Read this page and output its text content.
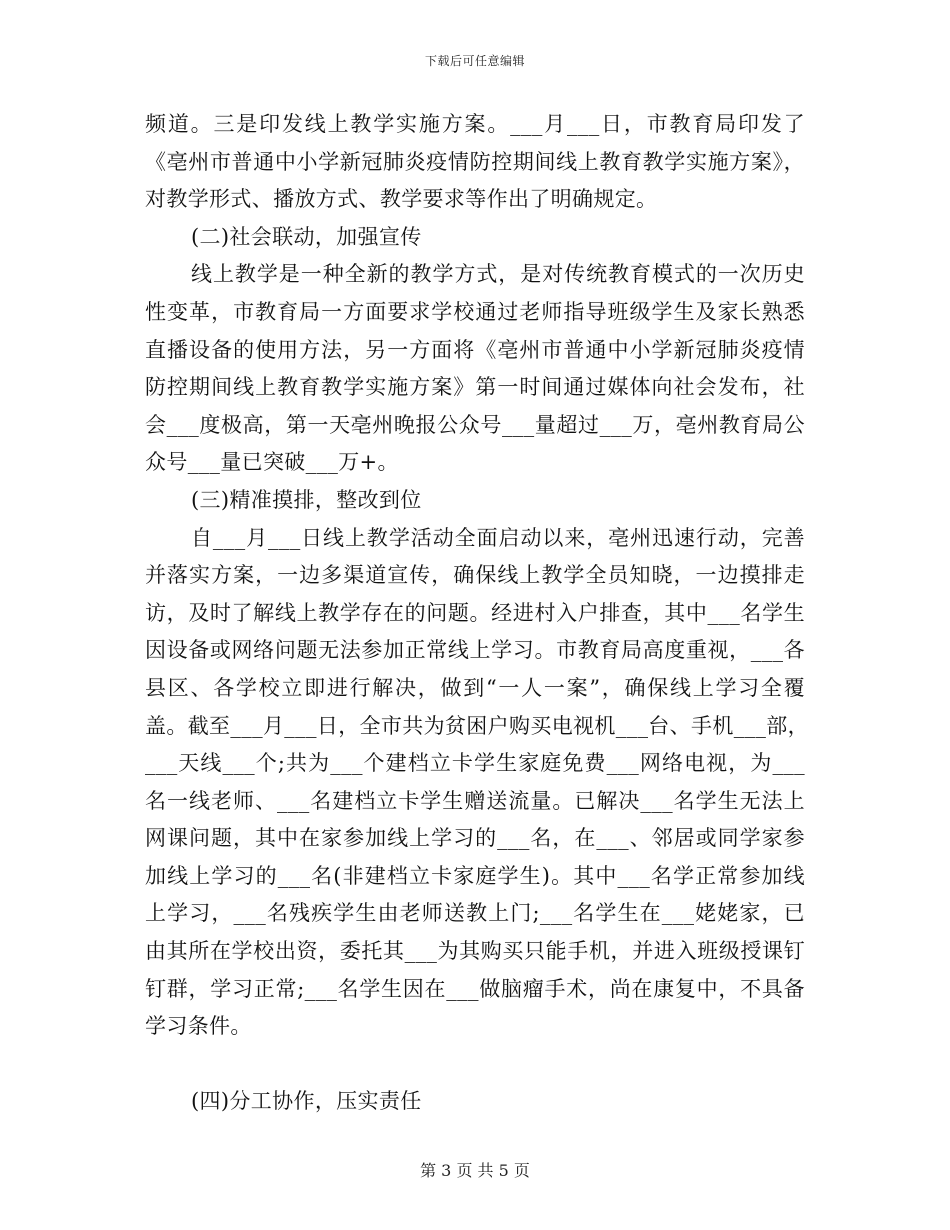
下载后可任意编辑
频道。三是印发线上教学实施方案。___月___日，市教育局印发了
《亳州市普通中小学新冠肺炎疫情防控期间线上教育教学实施方案》，
对教学形式、播放方式、教学要求等作出了明确规定。
(二)社会联动，加强宣传
线上教学是一种全新的教学方式，是对传统教育模式的一次历史
性变革，市教育局一方面要求学校通过老师指导班级学生及家长熟悉
直播设备的使用方法，另一方面将《亳州市普通中小学新冠肺炎疫情
防控期间线上教育教学实施方案》第一时间通过媒体向社会发布，社
会___度极高，第一天亳州晚报公众号___量超过___万，亳州教育局公
众号___量已突破___万+。
(三)精准摸排，整改到位
自___月___日线上教学活动全面启动以来，亳州迅速行动，完善
并落实方案，一边多渠道宣传，确保线上教学全员知晓，一边摸排走
访，及时了解线上教学存在的问题。经进村入户排查，其中___名学生
因设备或网络问题无法参加正常线上学习。市教育局高度重视，___各
县区、各学校立即进行解决，做到“一人一案”，确保线上学习全覆
盖。截至___月___日，全市共为贫困户购买电视机___台、手机___部，
___天线___个;共为___个建档立卡学生家庭免费___网络电视，为___
名一线老师、___名建档立卡学生赠送流量。已解决___名学生无法上
网课问题，其中在家参加线上学习的___名，在___、邻居或同学家参
加线上学习的___名(非建档立卡家庭学生)。其中___名学正常参加线
上学习，___名残疾学生由老师送教上门;___名学生在___姥姥家，已
由其所在学校出资，委托其___为其购买只能手机，并进入班级授课钉
钉群，学习正常;___名学生因在___做脑瘤手术，尚在康复中，不具备
学习条件。
(四)分工协作，压实责任
第 3 页 共 5 页
